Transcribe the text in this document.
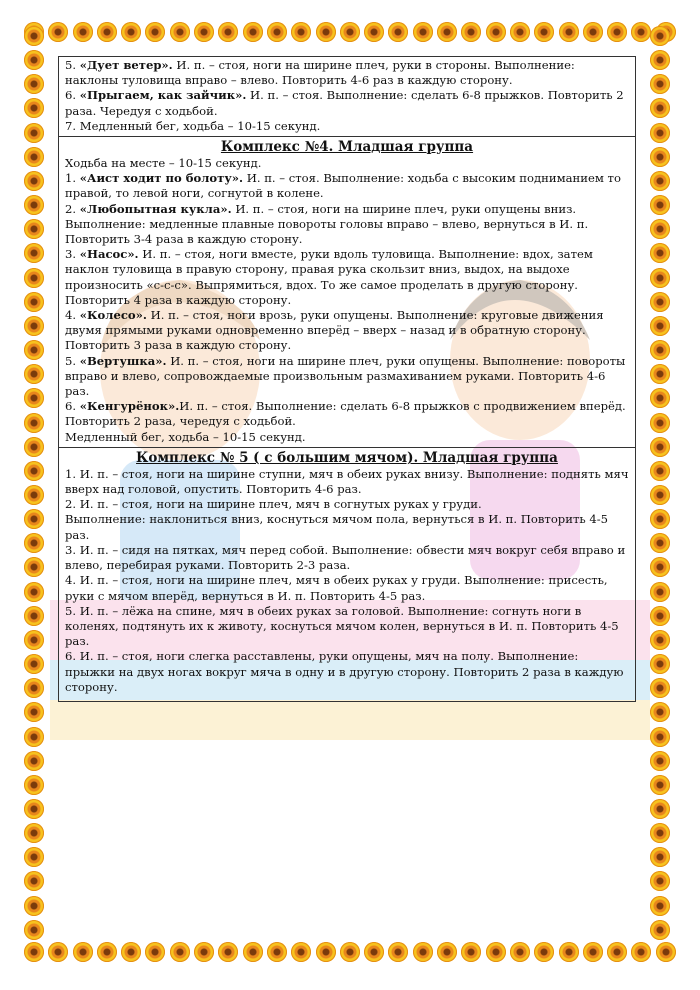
5. «Дует ветер». И. п. – стоя, ноги на ширине плеч, руки в стороны. Выполнение: наклоны туловища вправо – влево. Повторить 4-6 раз в каждую сторону.

6. «Прыгаем, как зайчик». И. п. – стоя. Выполнение: сделать 6-8 прыжков. Повторить 2 раза. Чередуя с ходьбой.

7. Медленный бег, ходьба – 10-15 секунд.

Комплекс №4. Младшая группа

Ходьба на месте – 10-15 секунд.

1. «Аист ходит по болоту». И. п. – стоя. Выполнение: ходьба с высоким подниманием то правой, то левой ноги, согнутой в колене.

2. «Любопытная кукла». И. п. – стоя, ноги на ширине плеч, руки опущены вниз. Выполнение: медленные плавные повороты головы вправо – влево, вернуться в И. п. Повторить 3-4 раза в каждую сторону.

3. «Насос». И. п. – стоя, ноги вместе, руки вдоль туловища. Выполнение: вдох, затем наклон туловища в правую сторону, правая рука скользит вниз, выдох, на выдохе произносить «с-с-с». Выпрямиться, вдох. То же самое проделать в другую сторону. Повторить 4 раза в каждую сторону.

4. «Колесо». И. п. – стоя, ноги врозь, руки опущены. Выполнение: круговые движения двумя прямыми руками одновременно вперёд – вверх – назад и в обратную сторону. Повторить 3 раза в каждую сторону.

5. «Вертушка». И. п. – стоя, ноги на ширине плеч, руки опущены. Выполнение: повороты вправо и влево, сопровождаемые произвольным размахиванием руками. Повторить 4-6 раз.

6. «Кенгурёнок».И. п. – стоя. Выполнение: сделать 6-8 прыжков с продвижением вперёд. Повторить 2 раза, чередуя с ходьбой.

Медленный бег, ходьба – 10-15 секунд.

Комплекс № 5 ( с большим мячом). Младшая группа

1. И. п. – стоя, ноги на ширине ступни, мяч в обеих руках внизу. Выполнение: поднять мяч вверх над головой, опустить. Повторить 4-6 раз.

2. И. п. – стоя, ноги на ширине плеч, мяч в согнутых руках у груди.

Выполнение: наклониться вниз, коснуться мячом пола, вернуться в И. п. Повторить 4-5 раз.

3. И. п. – сидя на пятках, мяч перед собой. Выполнение: обвести мяч вокруг себя вправо и влево, перебирая руками. Повторить 2-3 раза.

4. И. п. – стоя, ноги на ширине плеч, мяч в обеих руках у груди. Выполнение: присесть, руки с мячом вперёд, вернуться в И. п. Повторить 4-5 раз.

5. И. п. – лёжа на спине, мяч в обеих руках за головой. Выполнение: согнуть ноги в коленях, подтянуть их к животу, коснуться мячом колен, вернуться в И. п. Повторить 4-5 раз.

6. И. п. – стоя, ноги слегка расставлены, руки опущены, мяч на полу. Выполнение: прыжки на двух ногах вокруг мяча в одну и в другую сторону. Повторить 2 раза в каждую сторону.
